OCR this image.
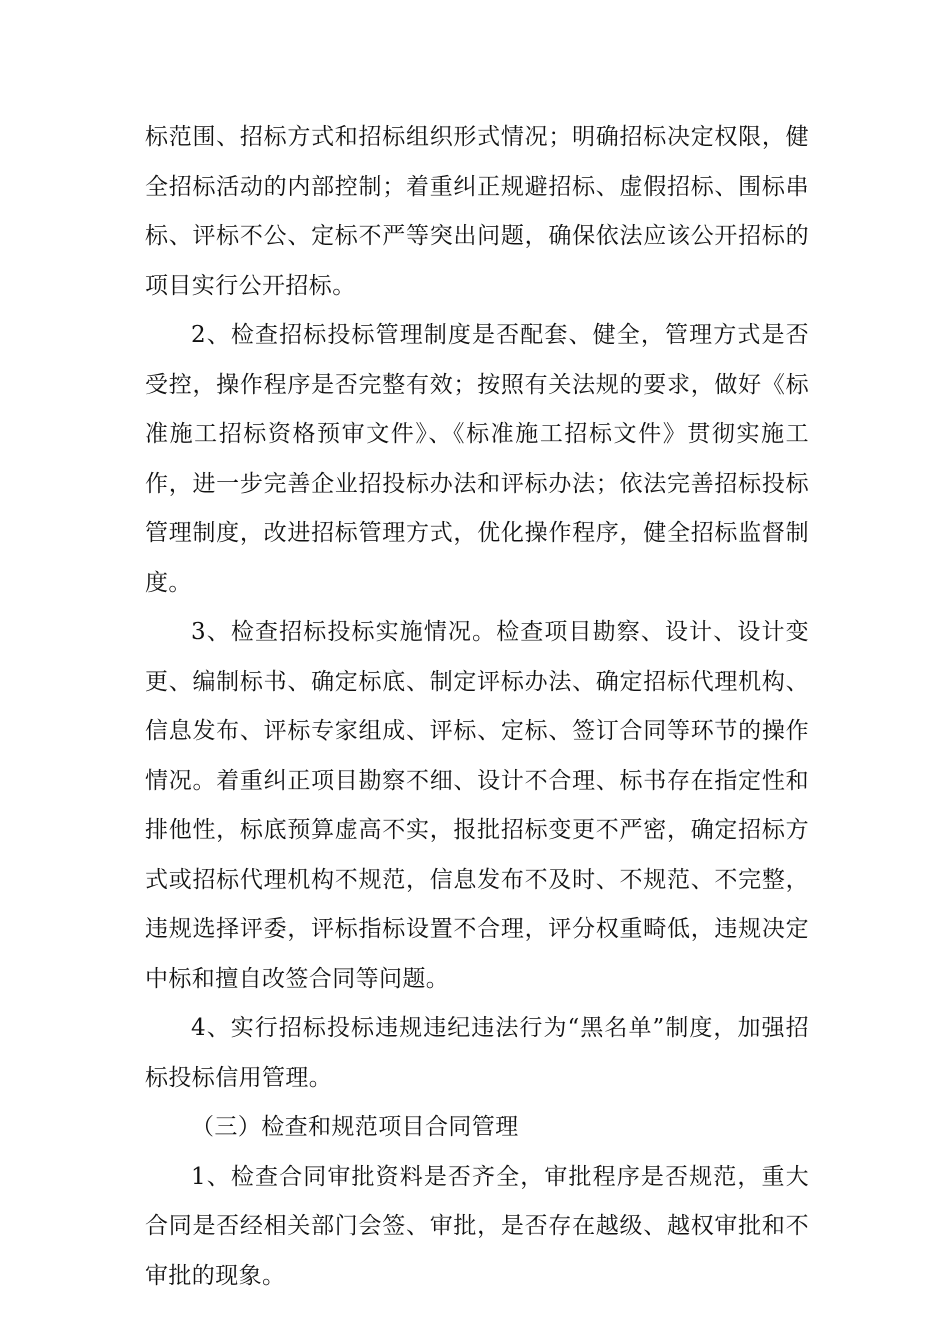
标范围、招标方式和招标组织形式情况；明确招标决定权限，健全招标活动的内部控制；着重纠正规避招标、虚假招标、围标串标、评标不公、定标不严等突出问题，确保依法应该公开招标的项目实行公开招标。

2、检查招标投标管理制度是否配套、健全，管理方式是否受控，操作程序是否完整有效；按照有关法规的要求，做好《标准施工招标资格预审文件》、《标准施工招标文件》贯彻实施工作，进一步完善企业招投标办法和评标办法；依法完善招标投标管理制度，改进招标管理方式，优化操作程序，健全招标监督制度。

3、检查招标投标实施情况。检查项目勘察、设计、设计变更、编制标书、确定标底、制定评标办法、确定招标代理机构、信息发布、评标专家组成、评标、定标、签订合同等环节的操作情况。着重纠正项目勘察不细、设计不合理、标书存在指定性和排他性，标底预算虚高不实，报批招标变更不严密，确定招标方式或招标代理机构不规范，信息发布不及时、不规范、不完整，违规选择评委，评标指标设置不合理，评分权重畸低，违规决定中标和擅自改签合同等问题。

4、实行招标投标违规违纪违法行为“黑名单”制度，加强招标投标信用管理。

（三）检查和规范项目合同管理

1、检查合同审批资料是否齐全，审批程序是否规范，重大合同是否经相关部门会签、审批，是否存在越级、越权审批和不审批的现象。
